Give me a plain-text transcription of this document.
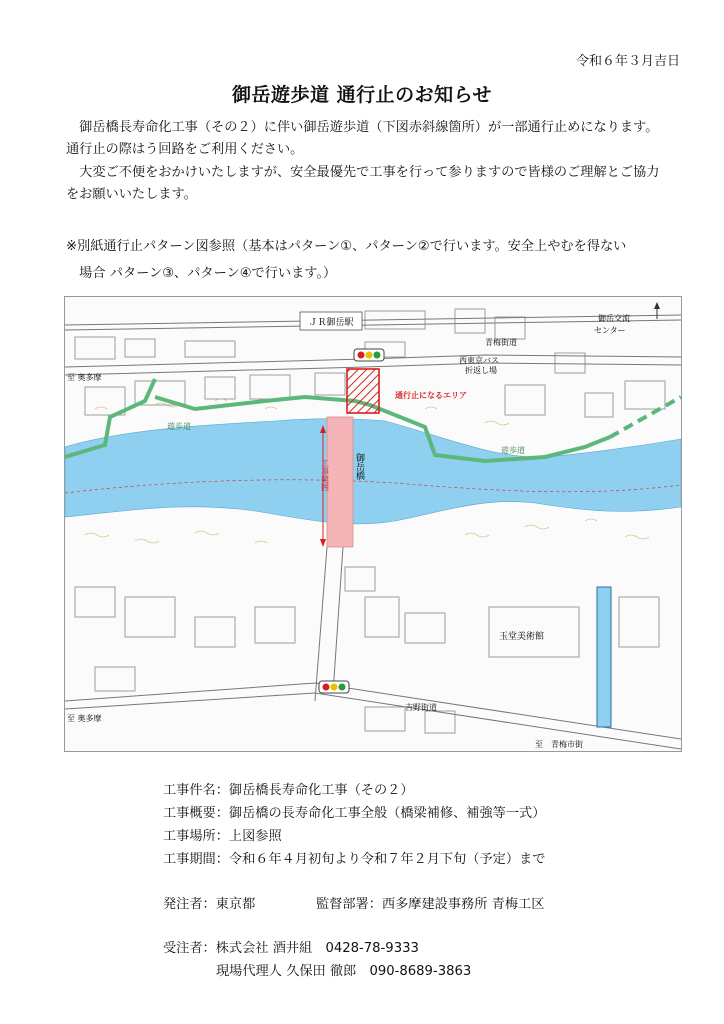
令和６年３月吉日
御岳遊歩道 通行止のお知らせ
　御岳橋長寿命化工事（その２）に伴い御岳遊歩道（下図赤斜線箇所）が一部通行止めになります。
通行止の際はう回路をご利用ください。
　大変ご不便をおかけいたしますが、安全最優先で工事を行って参りますので皆様のご理解とご協力
をお願いいたします。
※別紙通行止パターン図参照（基本はパターン①、パターン②で行います。安全上やむを得ない
　場合 パターン③、パターン④で行います。）
ＪＲ御岳駅	御岳交流
センター
青梅街道
西東京バス
折返し場
至 奥多摩
通行止になるエリア
遊歩道
遊歩道
工事範囲	御岳橋
玉堂美術館
吉野街道
至 奥多摩
至　青梅市街
工事件名：御岳橋長寿命化工事（その２）
工事概要：御岳橋の長寿命化工事全般（橋梁補修、補強等一式）
工事場所：上図参照
工事期間：令和６年４月初旬より令和７年２月下旬（予定）まで
発注者：東京都	監督部署：西多摩建設事務所 青梅工区
受注者：株式会社 酒井組　0428-78-9333
現場代理人 久保田 徹郎　090-8689-3863
